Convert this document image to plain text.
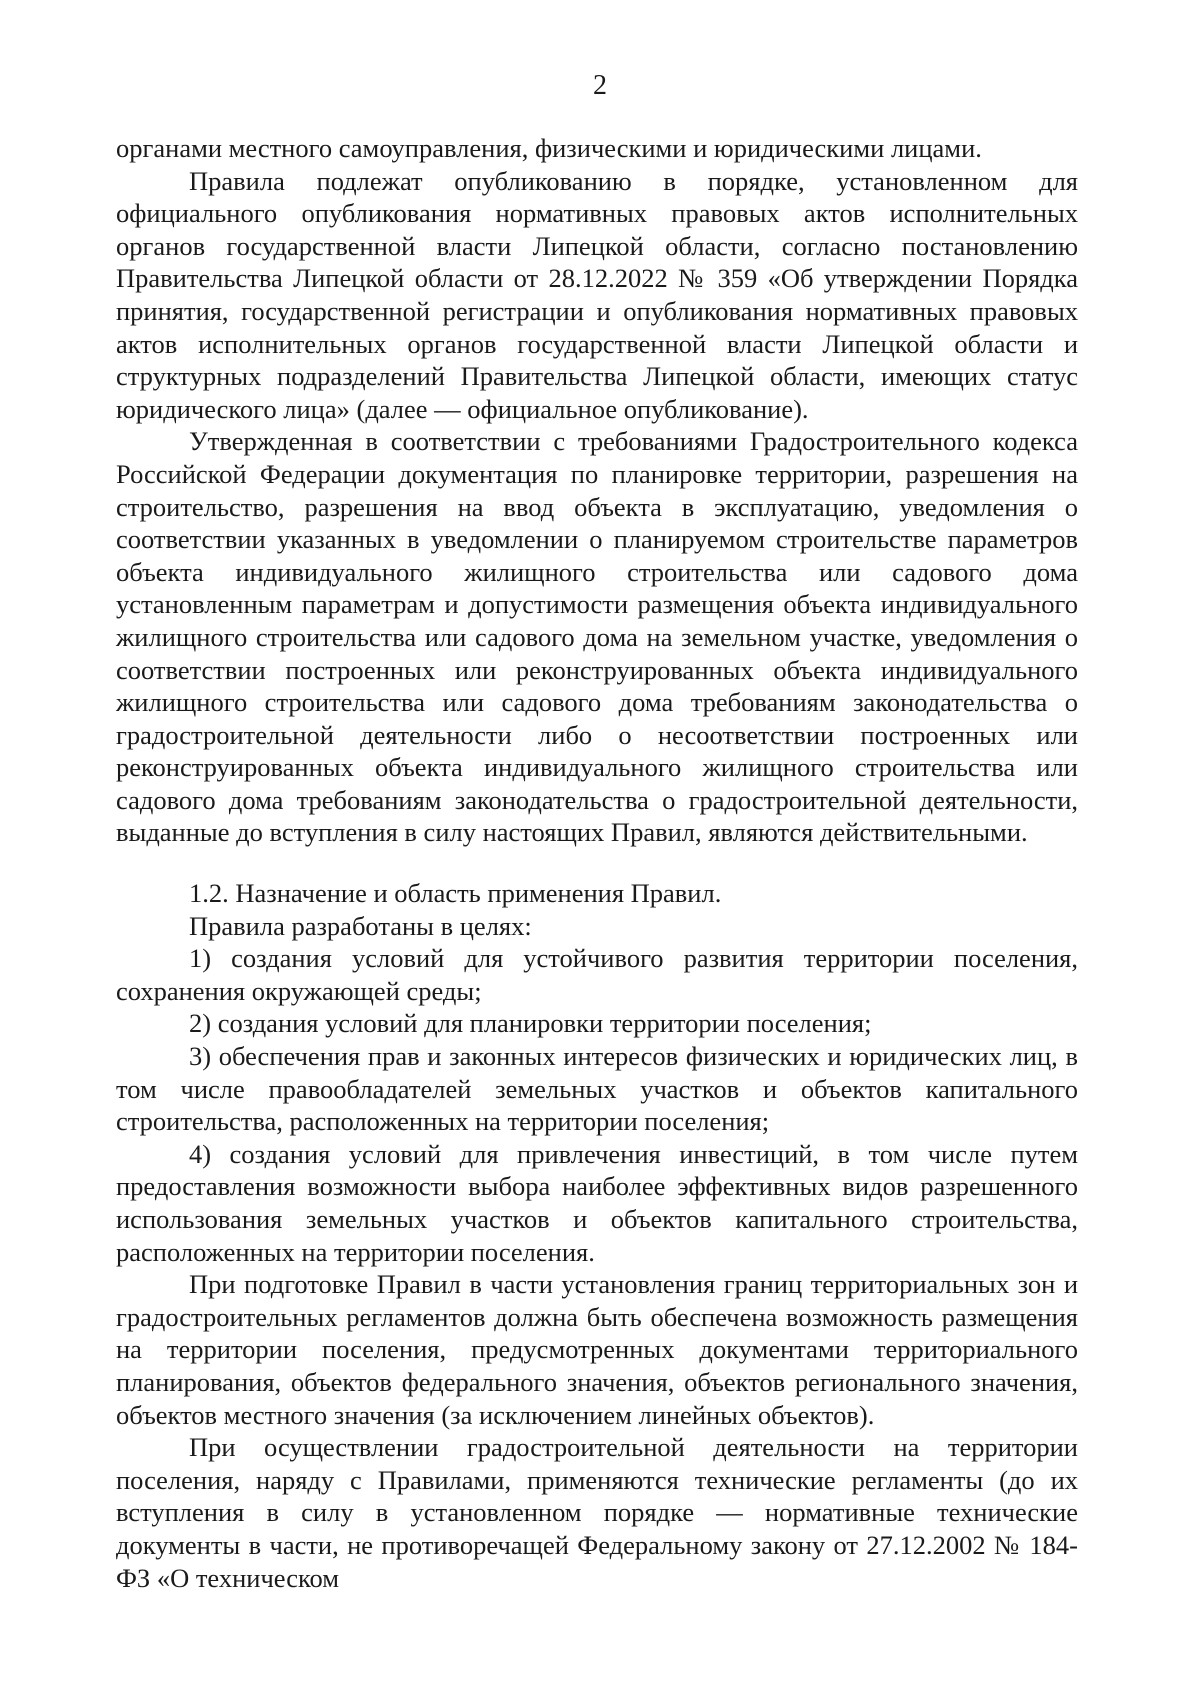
2

органами местного самоуправления, физическими и юридическими лицами.

Правила подлежат опубликованию в порядке, установленном для официального опубликования нормативных правовых актов исполнительных органов государственной власти Липецкой области, согласно постановлению Правительства Липецкой области от 28.12.2022 № 359 «Об утверждении Порядка принятия, государственной регистрации и опубликования нормативных правовых актов исполнительных органов государственной власти Липецкой области и структурных подразделений Правительства Липецкой области, имеющих статус юридического лица» (далее — официальное опубликование).

Утвержденная в соответствии с требованиями Градостроительного кодекса Российской Федерации документация по планировке территории, разрешения на строительство, разрешения на ввод объекта в эксплуатацию, уведомления о соответствии указанных в уведомлении о планируемом строительстве параметров объекта индивидуального жилищного строительства или садового дома установленным параметрам и допустимости размещения объекта индивидуального жилищного строительства или садового дома на земельном участке, уведомления о соответствии построенных или реконструированных объекта индивидуального жилищного строительства или садового дома требованиям законодательства о градостроительной деятельности либо о несоответствии построенных или реконструированных объекта индивидуального жилищного строительства или садового дома требованиям законодательства о градостроительной деятельности, выданные до вступления в силу настоящих Правил, являются действительными.

1.2. Назначение и область применения Правил.

Правила разработаны в целях:

1) создания условий для устойчивого развития территории поселения, сохранения окружающей среды;

2) создания условий для планировки территории поселения;

3) обеспечения прав и законных интересов физических и юридических лиц, в том числе правообладателей земельных участков и объектов капитального строительства, расположенных на территории поселения;

4) создания условий для привлечения инвестиций, в том числе путем предоставления возможности выбора наиболее эффективных видов разрешенного использования земельных участков и объектов капитального строительства, расположенных на территории поселения.

При подготовке Правил в части установления границ территориальных зон и градостроительных регламентов должна быть обеспечена возможность размещения на территории поселения, предусмотренных документами территориального планирования, объектов федерального значения, объектов регионального значения, объектов местного значения (за исключением линейных объектов).

При осуществлении градостроительной деятельности на территории поселения, наряду с Правилами, применяются технические регламенты (до их вступления в силу в установленном порядке — нормативные технические документы в части, не противоречащей Федеральному закону от 27.12.2002 № 184-ФЗ «О техническом
